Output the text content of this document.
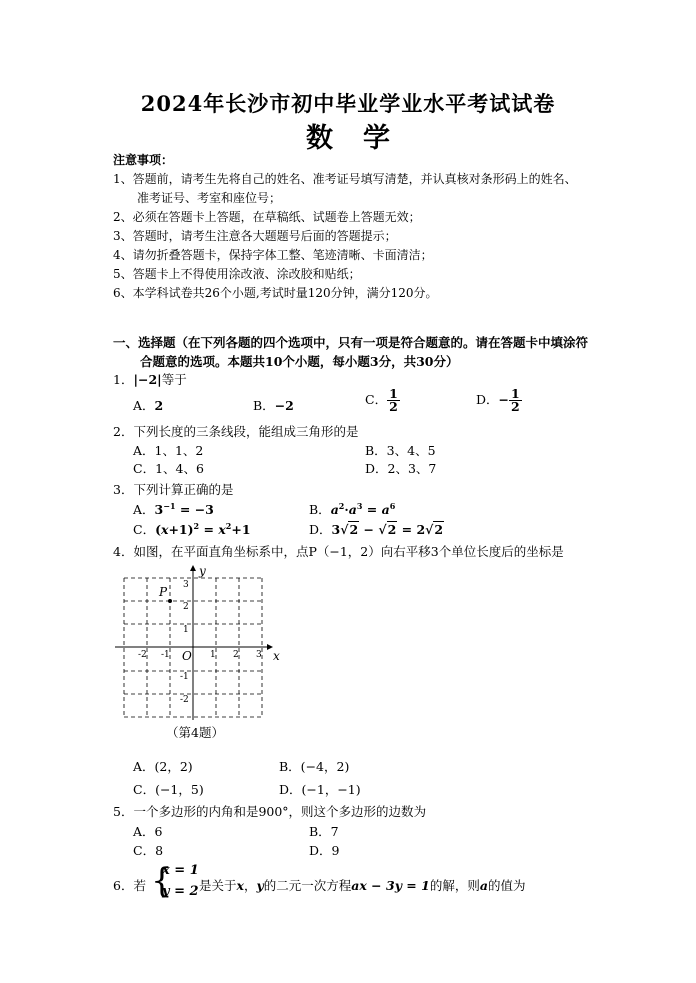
2024年长沙市初中毕业学业水平考试试卷
数学
注意事项：
1、答题前，请考生先将自己的姓名、准考证号填写清楚，并认真核对条形码上的姓名、
准考证号、考室和座位号；
2、必须在答题卡上答题，在草稿纸、试题卷上答题无效；
3、答题时，请考生注意各大题题号后面的答题提示；
4、请勿折叠答题卡，保持字体工整、笔迹清晰、卡面清洁；
5、答题卡上不得使用涂改液、涂改胶和贴纸；
6、本学科试卷共26个小题,考试时量120分钟，满分120分。
一、选择题（在下列各题的四个选项中，只有一项是符合题意的。请在答题卡中填涂符
合题意的选项。本题共10个小题，每小题3分，共30分）
1．|−2|等于
A．2	B．−2	C． $\frac{1}{2}$	D．− $\frac{1}{2}$
2．下列长度的三条线段，能组成三角形的是
A．1、1、2	B．3、4、5
C．1、4、6	D．2、3、7
3．下列计算正确的是
A．$3^{-1} = -3$	B．$a^2\cdot a^3 = a^6$
C．$(x+1)^2 = x^2+1$	D．3√2 − √2 = 2√2
4．如图，在平面直角坐标系中，点P（−1，2）向右平移3个单位长度后的坐标是
x
y
O
-2 -1	1 2 3
3
2
1
-1
-2
P
（第4题）
A．(2，2)	B．(−4，2)
C．(−1，5)	D．(−1，−1)
5．一个多边形的内角和是900°，则这个多边形的边数为
A．6	B．7
C．8	D．9
6．若 {
x = 1
y = 2 是关于x，y的二元一次方程ax − 3y = 1的解，则a的值为
